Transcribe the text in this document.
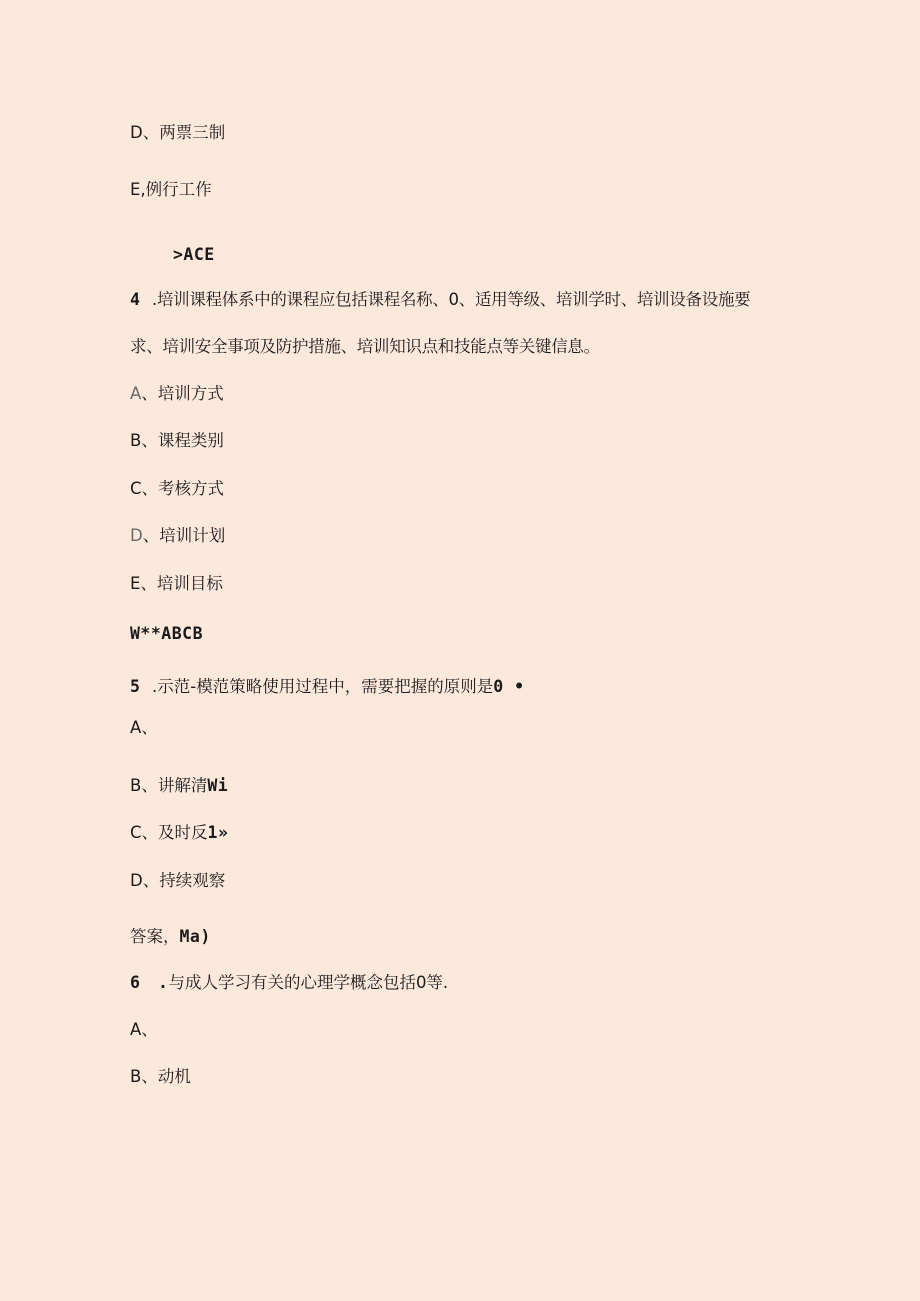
D、两票三制
E,例行工作
>ACE
4 .培训课程体系中的课程应包括课程名称、0、适用等级、培训学时、培训设备设施要
求、培训安全事项及防护措施、培训知识点和技能点等关键信息。
A、培训方式
B、课程类别
C、考核方式
D、培训计划
E、培训目标
W**ABCB
5 .示范-模范策略使用过程中，需要把握的原则是0 •
A、
B、讲解清Wi
C、及时反1»
D、持续观察
答案，Ma)
6 .与成人学习有关的心理学概念包括0等.
A、
B、动机
